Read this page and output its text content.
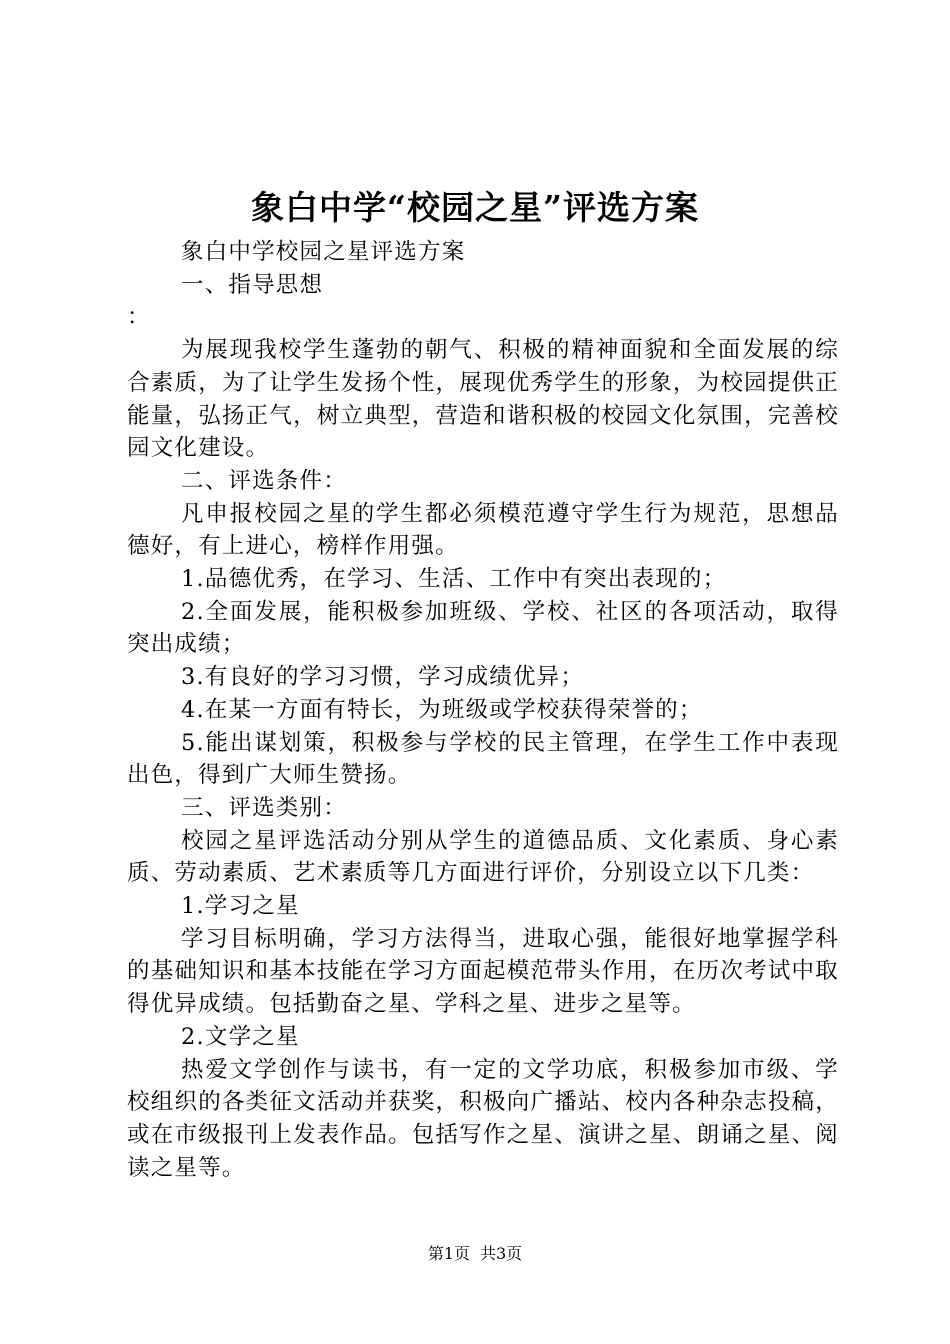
象白中学“校园之星”评选方案

象白中学校园之星评选方案

一、指导思想

：

为展现我校学生蓬勃的朝气、积极的精神面貌和全面发展的综合素质，为了让学生发扬个性，展现优秀学生的形象，为校园提供正能量，弘扬正气，树立典型，营造和谐积极的校园文化氛围，完善校园文化建设。

二、评选条件：

凡申报校园之星的学生都必须模范遵守学生行为规范，思想品德好，有上进心，榜样作用强。

1.品德优秀，在学习、生活、工作中有突出表现的；

2.全面发展，能积极参加班级、学校、社区的各项活动，取得突出成绩；

3.有良好的学习习惯，学习成绩优异；

4.在某一方面有特长，为班级或学校获得荣誉的；

5.能出谋划策，积极参与学校的民主管理，在学生工作中表现出色，得到广大师生赞扬。

三、评选类别：

校园之星评选活动分别从学生的道德品质、文化素质、身心素质、劳动素质、艺术素质等几方面进行评价，分别设立以下几类：

1.学习之星

学习目标明确，学习方法得当，进取心强，能很好地掌握学科的基础知识和基本技能在学习方面起模范带头作用，在历次考试中取得优异成绩。包括勤奋之星、学科之星、进步之星等。

2.文学之星

热爱文学创作与读书，有一定的文学功底，积极参加市级、学校组织的各类征文活动并获奖，积极向广播站、校内各种杂志投稿，或在市级报刊上发表作品。包括写作之星、演讲之星、朗诵之星、阅读之星等。

第1页 共3页
